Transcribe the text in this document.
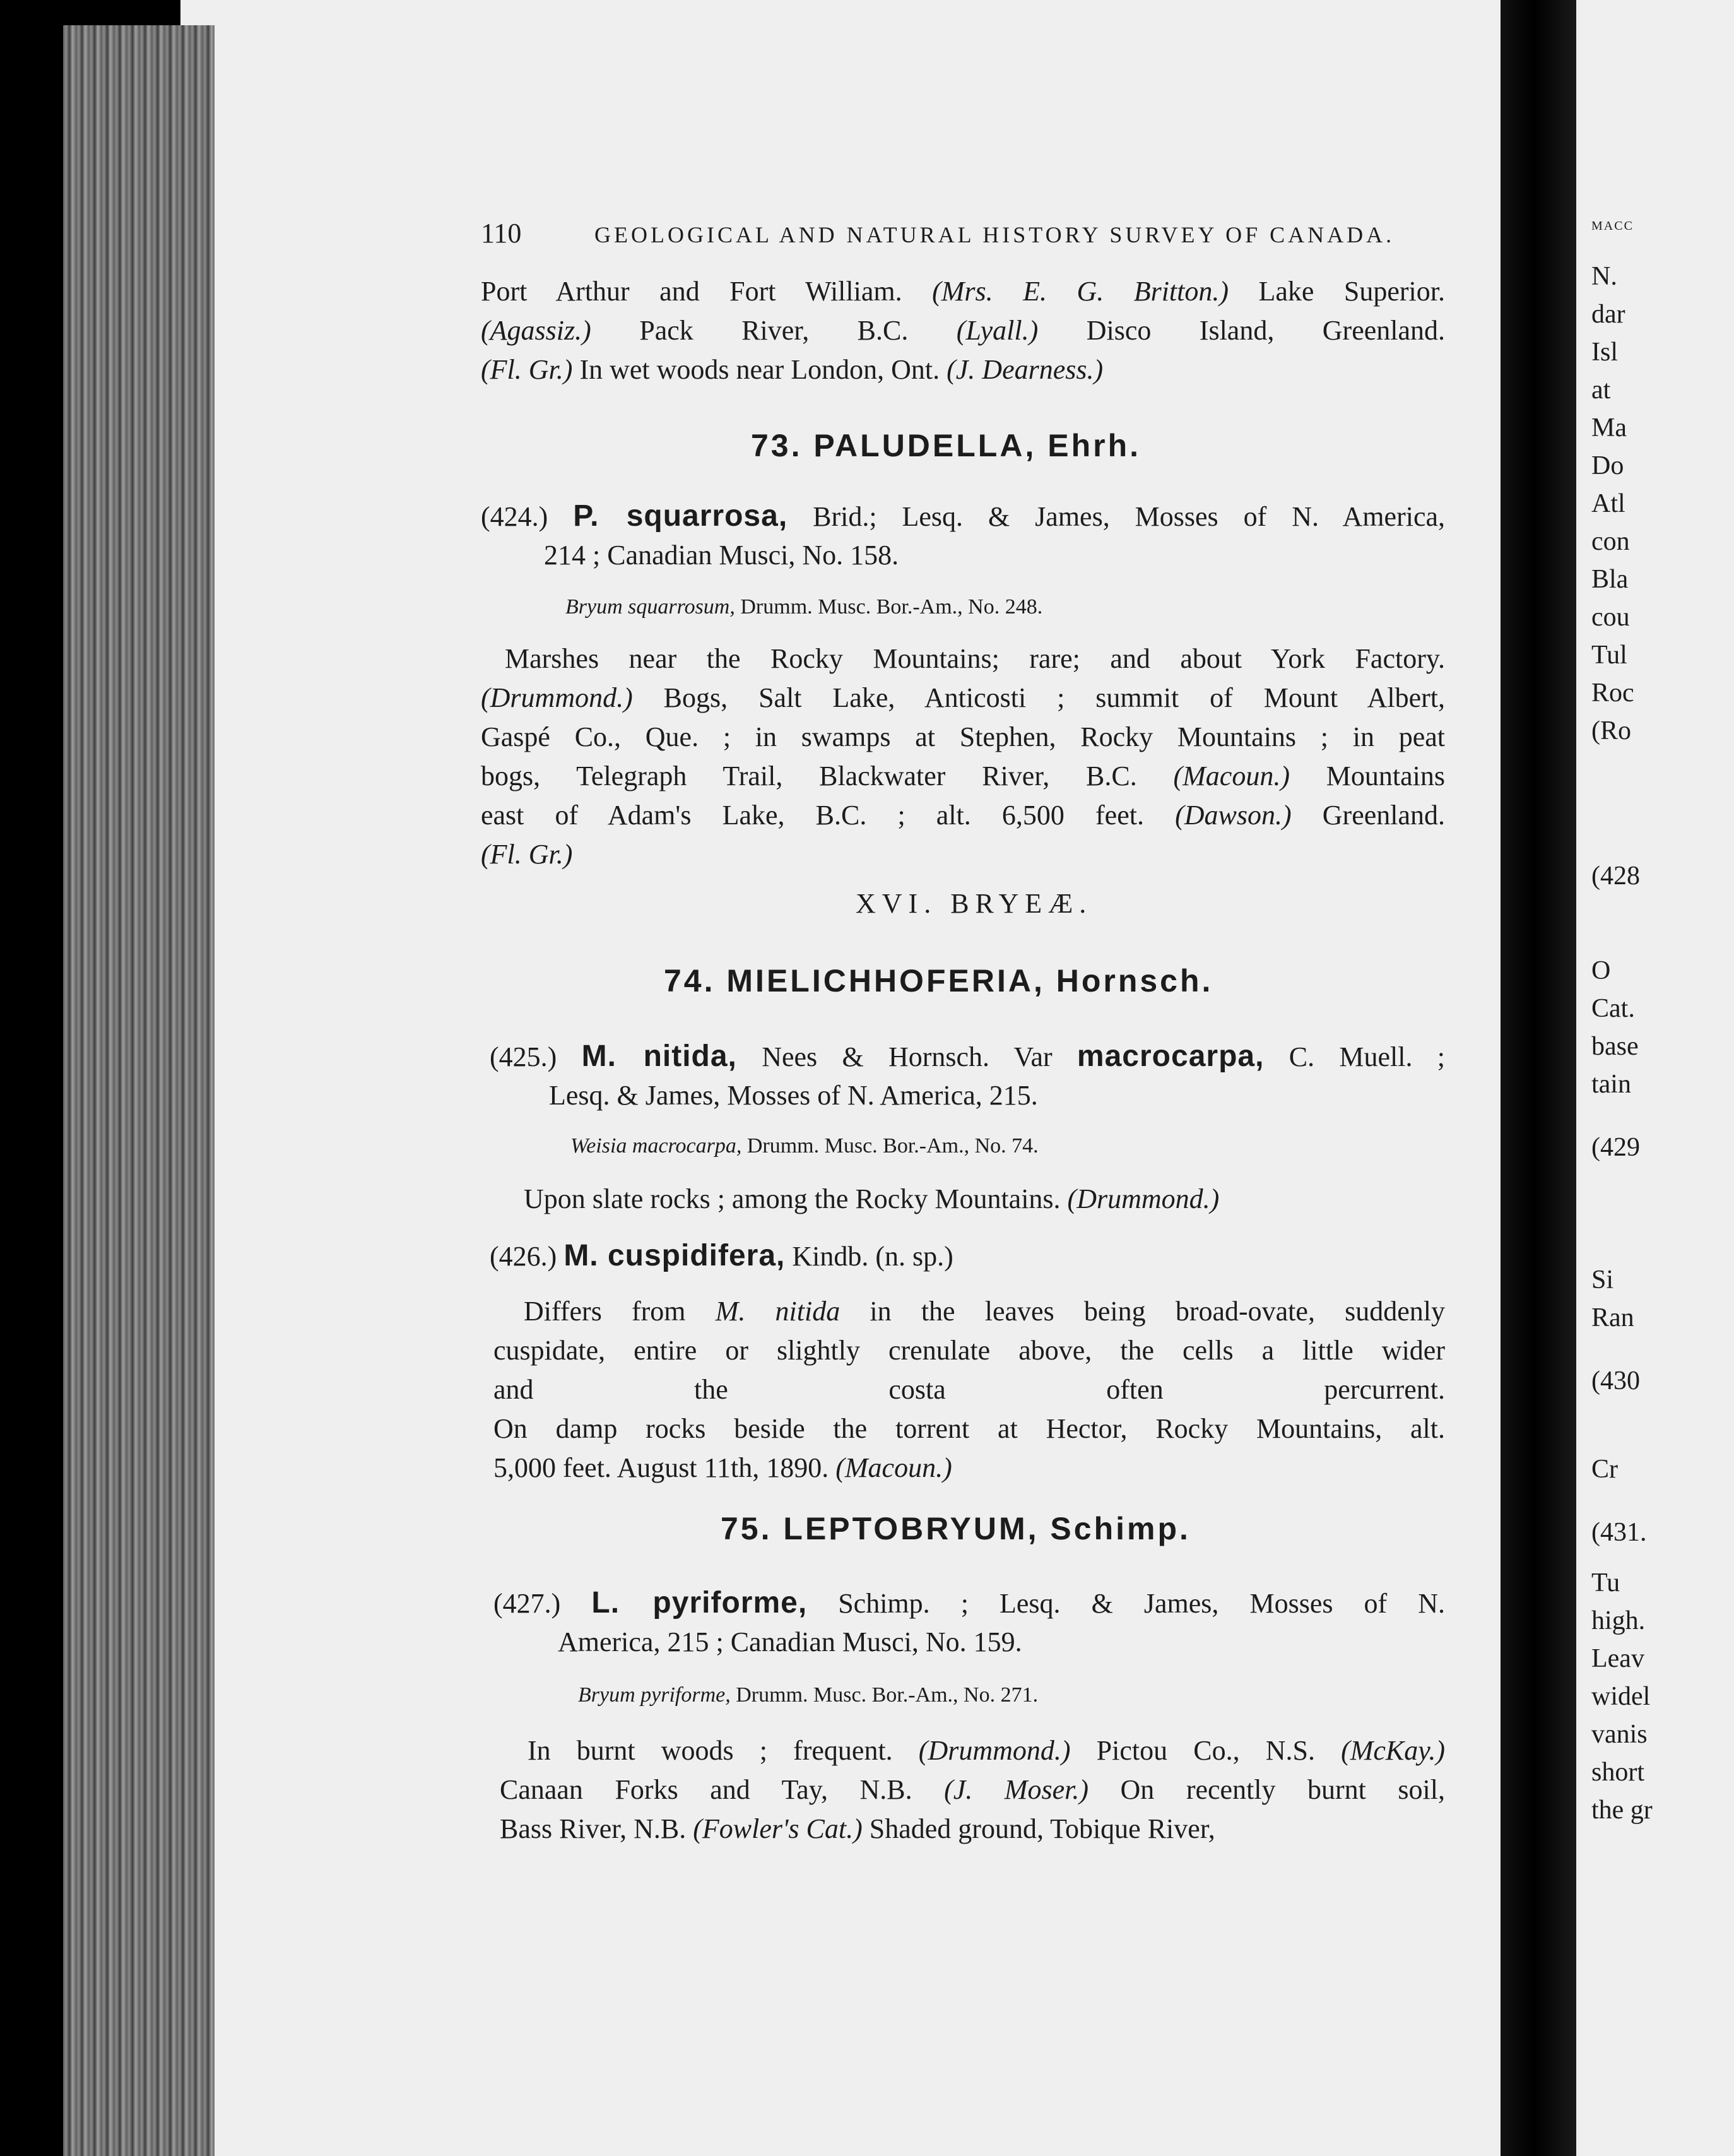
110	GEOLOGICAL AND NATURAL HISTORY SURVEY OF CANADA.
Port Arthur and Fort William. (Mrs. E. G. Britton.) Lake Superior.
(Agassiz.) Pack River, B.C. (Lyall.) Disco Island, Greenland.
(Fl. Gr.) In wet woods near London, Ont. (J. Dearness.)
73. PALUDELLA, Ehrh.
(424.) P. squarrosa, Brid.; Lesq. & James, Mosses of N. America,
214 ; Canadian Musci, No. 158.
Bryum squarrosum, Drumm. Musc. Bor.-Am., No. 248.
Marshes near the Rocky Mountains; rare; and about York Factory.
(Drummond.) Bogs, Salt Lake, Anticosti ; summit of Mount Albert,
Gaspé Co., Que. ; in swamps at Stephen, Rocky Mountains ; in peat
bogs, Telegraph Trail, Blackwater River, B.C. (Macoun.) Mountains
east of Adam's Lake, B.C. ; alt. 6,500 feet. (Dawson.) Greenland.
(Fl. Gr.)
XVI. BRYEÆ.
74. MIELICHHOFERIA, Hornsch.
(425.) M. nitida, Nees & Hornsch. Var macrocarpa, C. Muell. ;
Lesq. & James, Mosses of N. America, 215.
Weisia macrocarpa, Drumm. Musc. Bor.-Am., No. 74.
Upon slate rocks ; among the Rocky Mountains. (Drummond.)
(426.) M. cuspidifera, Kindb. (n. sp.)
Differs from M. nitida in the leaves being broad-ovate, suddenly
cuspidate, entire or slightly crenulate above, the cells a little wider
and the costa often percurrent.
On damp rocks beside the torrent at Hector, Rocky Mountains, alt.
5,000 feet. August 11th, 1890. (Macoun.)
75. LEPTOBRYUM, Schimp.
(427.) L. pyriforme, Schimp. ; Lesq. & James, Mosses of N.
America, 215 ; Canadian Musci, No. 159.
Bryum pyriforme, Drumm. Musc. Bor.-Am., No. 271.
In burnt woods ; frequent. (Drummond.) Pictou Co., N.S. (McKay.)
Canaan Forks and Tay, N.B. (J. Moser.) On recently burnt soil,
Bass River, N.B. (Fowler's Cat.) Shaded ground, Tobique River,
MACC
N.
dar
Isl
at
Ma
Do
Atl
con
Bla
cou
Tul
Roc
(Ro
(428
O
Cat.
base
tain
(429
Si
Ran
(430
Cr
(431.
Tu
high.
Leav
widel
vanis
short
the gr
